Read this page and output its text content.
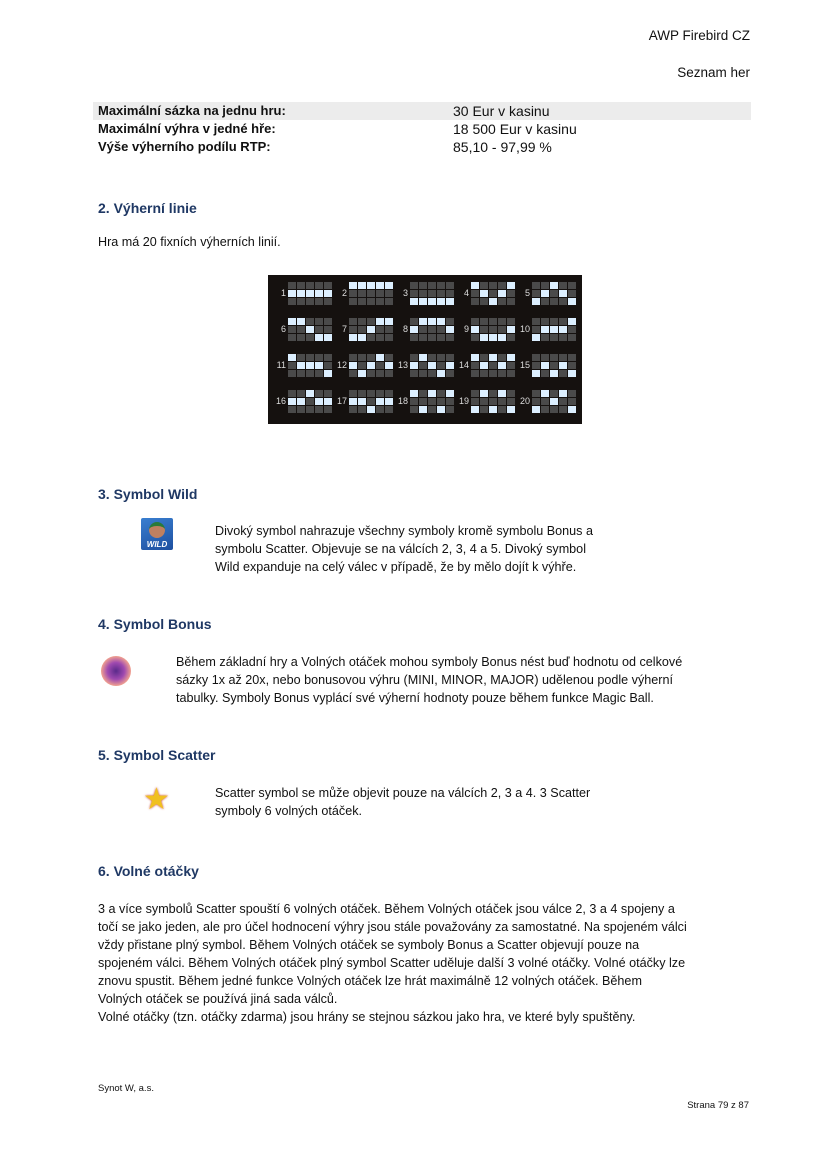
AWP Firebird CZ
Seznam her
Maximální sázka na jednu hru:	30 Eur v kasinu
Maximální výhra v jedné hře:	18 500 Eur v kasinu
Výše výherního podílu RTP:	85,10 - 97,99 %
2. Výherní linie
Hra má 20 fixních výherních linií.
1	2	3	4	5
6	7	8	9	10
11	12	13	14	15
16	17	18	19	20
3. Symbol Wild
WILD
Divoký symbol nahrazuje všechny symboly kromě symbolu Bonus a
symbolu Scatter. Objevuje se na válcích 2, 3, 4 a 5. Divoký symbol
Wild expanduje na celý válec v případě, že by mělo dojít k výhře.
4. Symbol Bonus
Během základní hry a Volných otáček mohou symboly Bonus nést buď hodnotu od celkové
sázky 1x až 20x, nebo bonusovou výhru (MINI, MINOR, MAJOR) udělenou podle výherní
tabulky. Symboly Bonus vyplácí své výherní hodnoty pouze během funkce Magic Ball.
5. Symbol Scatter
★	Scatter symbol se může objevit pouze na válcích 2, 3 a 4. 3 Scatter
symboly 6 volných otáček.
6. Volné otáčky
3 a více symbolů Scatter spouští 6 volných otáček. Během Volných otáček jsou válce 2, 3 a 4 spojeny a
točí se jako jeden, ale pro účel hodnocení výhry jsou stále považovány za samostatné. Na spojeném válci
vždy přistane plný symbol. Během Volných otáček se symboly Bonus a Scatter objevují pouze na
spojeném válci. Během Volných otáček plný symbol Scatter uděluje další 3 volné otáčky. Volné otáčky lze
znovu spustit. Během jedné funkce Volných otáček lze hrát maximálně 12 volných otáček. Během
Volných otáček se používá jiná sada válců.
Volné otáčky (tzn. otáčky zdarma) jsou hrány se stejnou sázkou jako hra, ve které byly spuštěny.
Synot W, a.s.
Strana 79 z 87
